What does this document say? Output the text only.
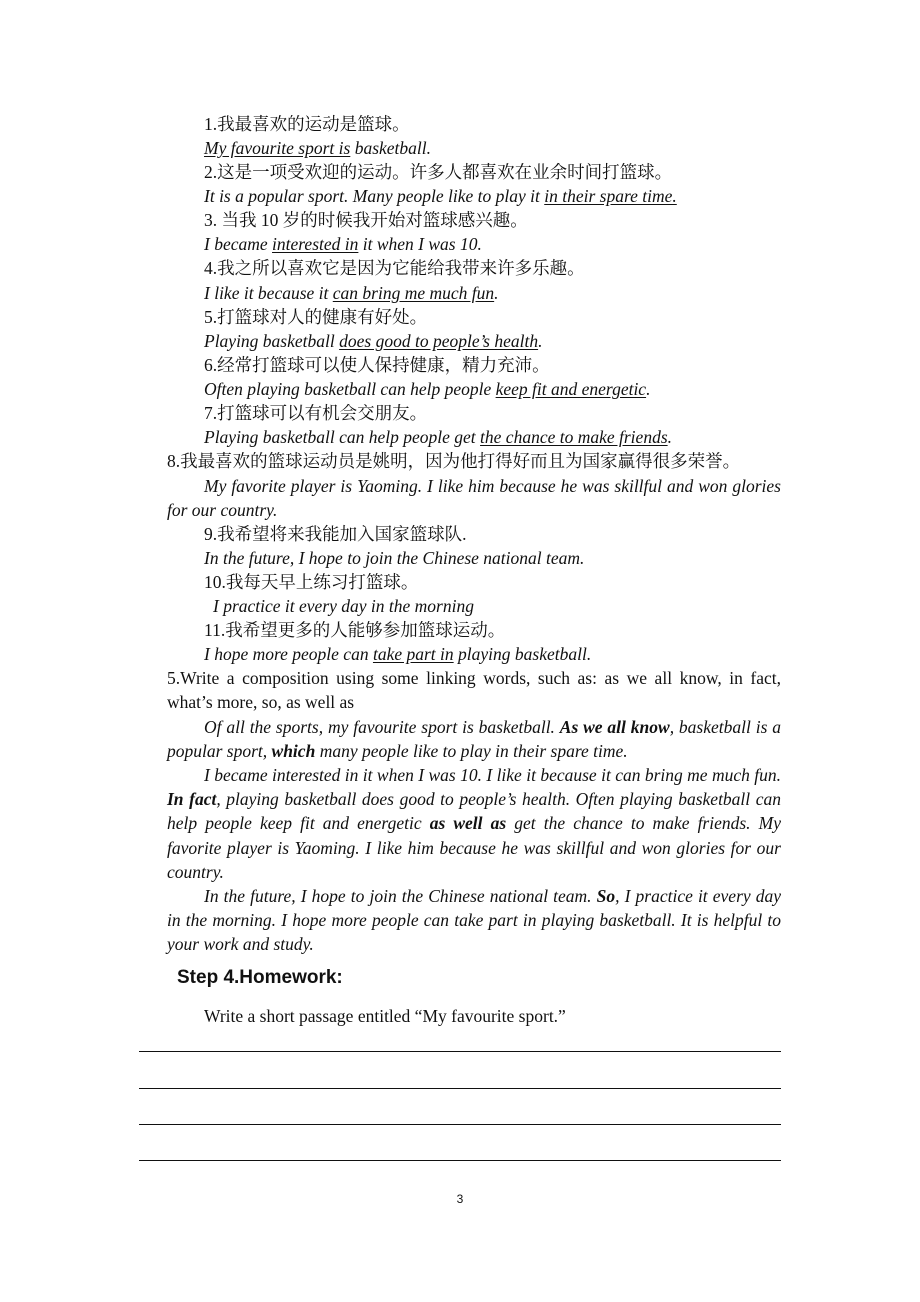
1.我最喜欢的运动是篮球。
My favourite sport is basketball.
2.这是一项受欢迎的运动。许多人都喜欢在业余时间打篮球。
It is a popular sport. Many people like to play it in their spare time.
3. 当我 10 岁的时候我开始对篮球感兴趣。
I became interested in it when I was 10.
4.我之所以喜欢它是因为它能给我带来许多乐趣。
I like it because it can bring me much fun.
5.打篮球对人的健康有好处。
Playing basketball does good to people’s health.
6.经常打篮球可以使人保持健康，精力充沛。
Often playing basketball can help people keep fit and energetic.
7.打篮球可以有机会交朋友。
Playing basketball can help people get the chance to make friends.
8.我最喜欢的篮球运动员是姚明，因为他打得好而且为国家赢得很多荣誉。
My favorite player is Yaoming. I like him because he was skillful and won glories for our country.
9.我希望将来我能加入国家篮球队.
In the future, I hope to join the Chinese national team.
10.我每天早上练习打篮球。
I practice it every day in the morning
11.我希望更多的人能够参加篮球运动。
I hope more people can take part in playing basketball.
5.Write a composition using some linking words, such as: as we all know, in fact, what’s more, so, as well as
Of all the sports, my favourite sport is basketball. As we all know, basketball is a popular sport, which many people like to play in their spare time.
I became interested in it when I was 10. I like it because it can bring me much fun. In fact, playing basketball does good to people’s health. Often playing basketball can help people keep fit and energetic as well as get the chance to make friends. My favorite player is Yaoming. I like him because he was skillful and won glories for our country.
In the future, I hope to join the Chinese national team. So, I practice it every day in the morning. I hope more people can take part in playing basketball. It is helpful to your work and study.
Step 4.Homework:
Write a short passage entitled “My favourite sport.”
3
